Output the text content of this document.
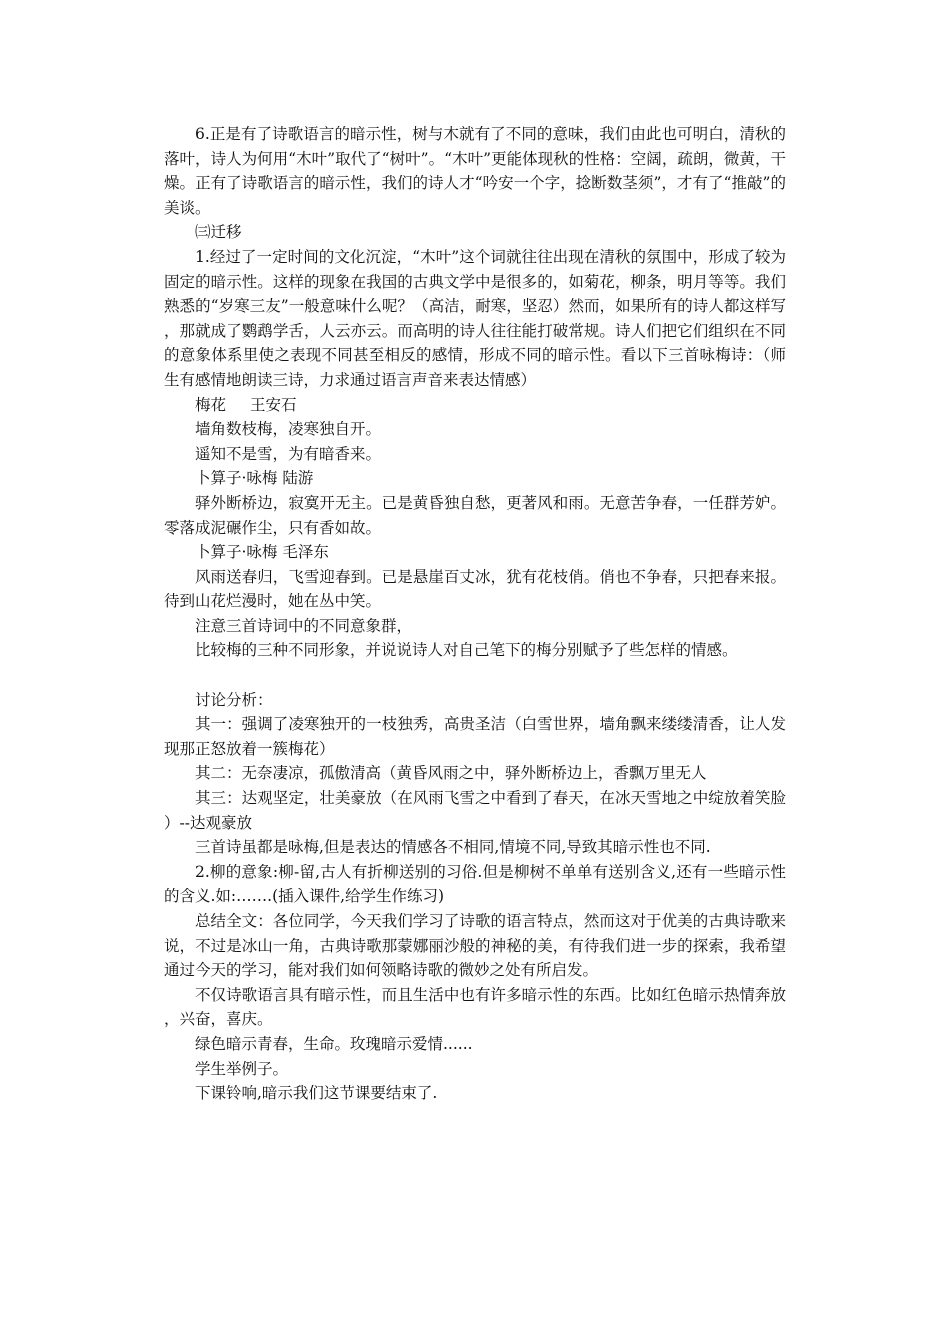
6.正是有了诗歌语言的暗示性，树与木就有了不同的意味，我们由此也可明白，清秋的落叶，诗人为何用“木叶”取代了“树叶”。“木叶”更能体现秋的性格：空阔，疏朗，微黄，干燥。正有了诗歌语言的暗示性，我们的诗人才“吟安一个字，捻断数茎须”，才有了“推敲”的美谈。

㈢迁移

1.经过了一定时间的文化沉淀，“木叶”这个词就往往出现在清秋的氛围中，形成了较为固定的暗示性。这样的现象在我国的古典文学中是很多的，如菊花，柳条，明月等等。我们熟悉的“岁寒三友”一般意味什么呢？（高洁，耐寒，坚忍）然而，如果所有的诗人都这样写，那就成了鹦鹉学舌，人云亦云。而高明的诗人往往能打破常规。诗人们把它们组织在不同的意象体系里使之表现不同甚至相反的感情，形成不同的暗示性。看以下三首咏梅诗：（师生有感情地朗读三诗，力求通过语言声音来表达情感）

梅花 王安石

墙角数枝梅，凌寒独自开。

遥知不是雪，为有暗香来。

卜算子·咏梅 陆游

驿外断桥边，寂寞开无主。已是黄昏独自愁，更著风和雨。无意苦争春，一任群芳妒。零落成泥碾作尘，只有香如故。

卜算子·咏梅 毛泽东

风雨送春归，飞雪迎春到。已是悬崖百丈冰，犹有花枝俏。俏也不争春，只把春来报。待到山花烂漫时，她在丛中笑。

注意三首诗词中的不同意象群，

比较梅的三种不同形象，并说说诗人对自己笔下的梅分别赋予了些怎样的情感。

讨论分析：

其一：强调了凌寒独开的一枝独秀，高贵圣洁（白雪世界，墙角飘来缕缕清香，让人发现那正怒放着一簇梅花）

其二：无奈凄凉，孤傲清高（黄昏风雨之中，驿外断桥边上，香飘万里无人

其三：达观坚定，壮美豪放（在风雨飞雪之中看到了春天，在冰天雪地之中绽放着笑脸）--达观豪放

三首诗虽都是咏梅,但是表达的情感各不相同,情境不同,导致其暗示性也不同.

2.柳的意象:柳-留,古人有折柳送别的习俗.但是柳树不单单有送别含义,还有一些暗示性的含义.如:…….(插入课件,给学生作练习)

总结全文：各位同学，今天我们学习了诗歌的语言特点，然而这对于优美的古典诗歌来说，不过是冰山一角，古典诗歌那蒙娜丽沙般的神秘的美，有待我们进一步的探索，我希望通过今天的学习，能对我们如何领略诗歌的微妙之处有所启发。

不仅诗歌语言具有暗示性，而且生活中也有许多暗示性的东西。比如红色暗示热情奔放，兴奋，喜庆。

绿色暗示青春，生命。玫瑰暗示爱情......

学生举例子。

下课铃响,暗示我们这节课要结束了.
